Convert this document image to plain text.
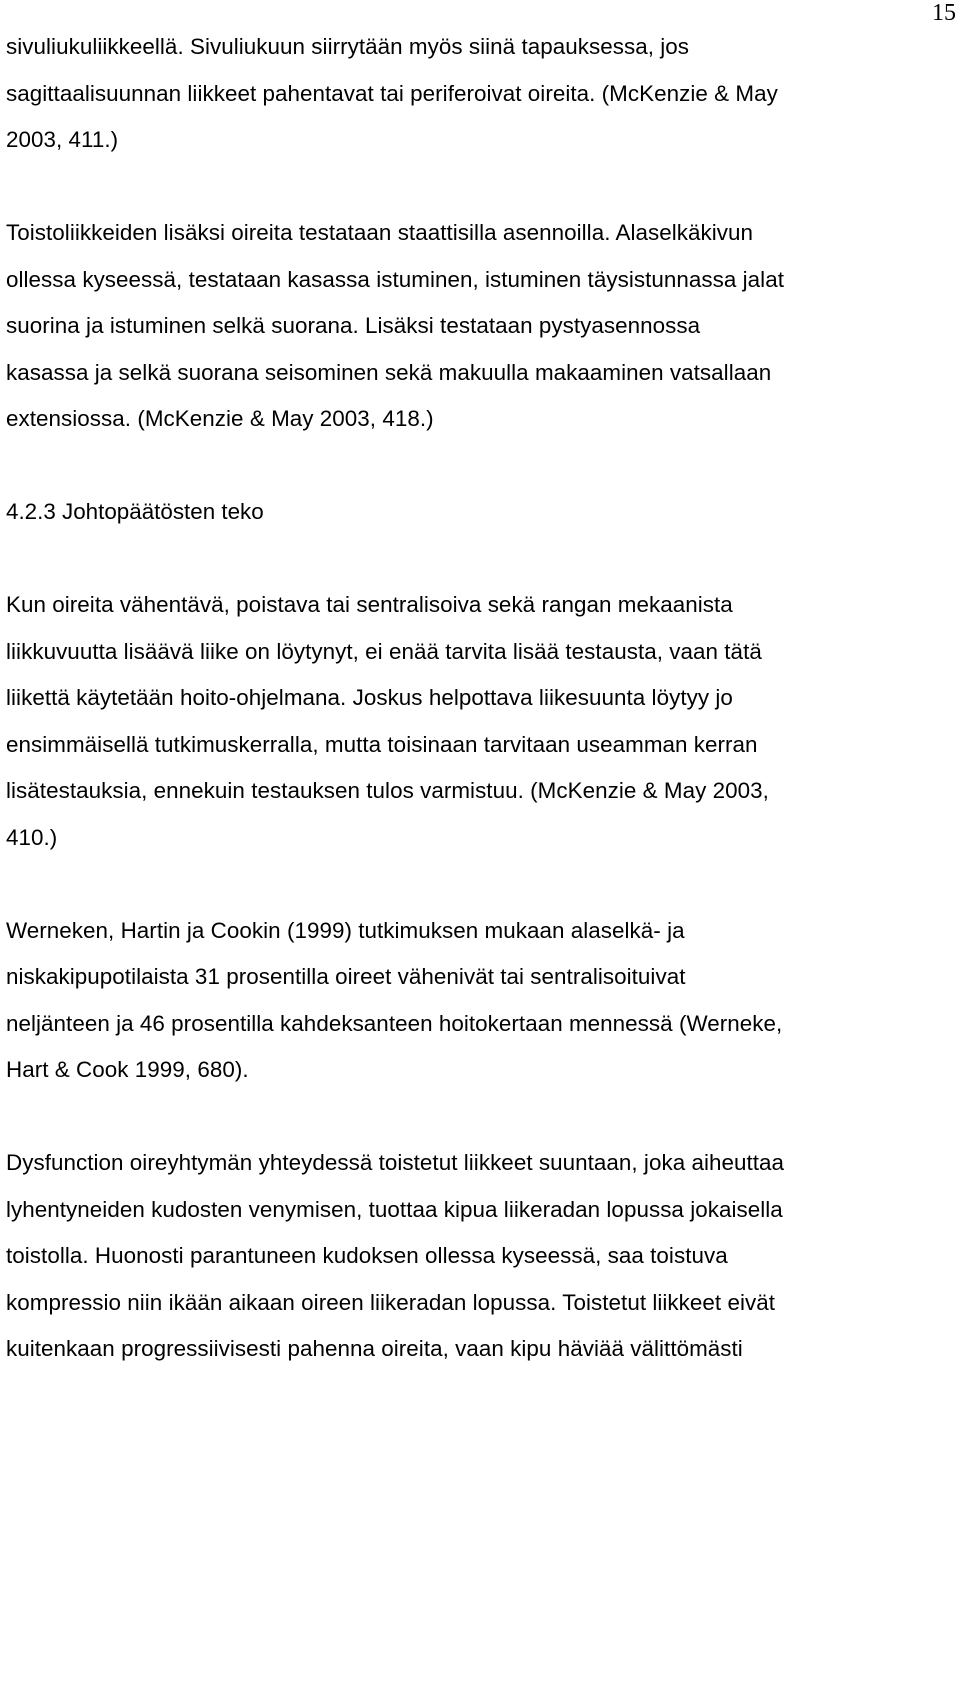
15
sivuliukuliikkeellä. Sivuliukuun siirrytään myös siinä tapauksessa, jos
sagittaalisuunnan liikkeet pahentavat tai periferoivat oireita. (McKenzie & May
2003, 411.)
Toistoliikkeiden lisäksi oireita testataan staattisilla asennoilla. Alaselkäkivun
ollessa kyseessä, testataan kasassa istuminen, istuminen täysistunnassa jalat
suorina ja istuminen selkä suorana. Lisäksi testataan pystyasennossa
kasassa ja selkä suorana seisominen sekä makuulla makaaminen vatsallaan
extensiossa. (McKenzie & May 2003, 418.)
4.2.3 Johtopäätösten teko
Kun oireita vähentävä, poistava tai sentralisoiva sekä rangan mekaanista
liikkuvuutta lisäävä liike on löytynyt, ei enää tarvita lisää testausta, vaan tätä
liikettä käytetään hoito-ohjelmana. Joskus helpottava liikesuunta löytyy jo
ensimmäisellä tutkimuskerralla, mutta toisinaan tarvitaan useamman kerran
lisätestauksia, ennekuin testauksen tulos varmistuu. (McKenzie & May 2003,
410.)
Werneken, Hartin ja Cookin (1999) tutkimuksen mukaan alaselkä- ja
niskakipupotilaista 31 prosentilla oireet vähenivät tai sentralisoituivat
neljänteen ja 46 prosentilla kahdeksanteen hoitokertaan mennessä (Werneke,
Hart & Cook 1999, 680).
Dysfunction oireyhtymän yhteydessä toistetut liikkeet suuntaan, joka aiheuttaa
lyhentyneiden kudosten venymisen, tuottaa kipua liikeradan lopussa jokaisella
toistolla. Huonosti parantuneen kudoksen ollessa kyseessä, saa toistuva
kompressio niin ikään aikaan oireen liikeradan lopussa. Toistetut liikkeet eivät
kuitenkaan progressiivisesti pahenna oireita, vaan kipu häviää välittömästi
